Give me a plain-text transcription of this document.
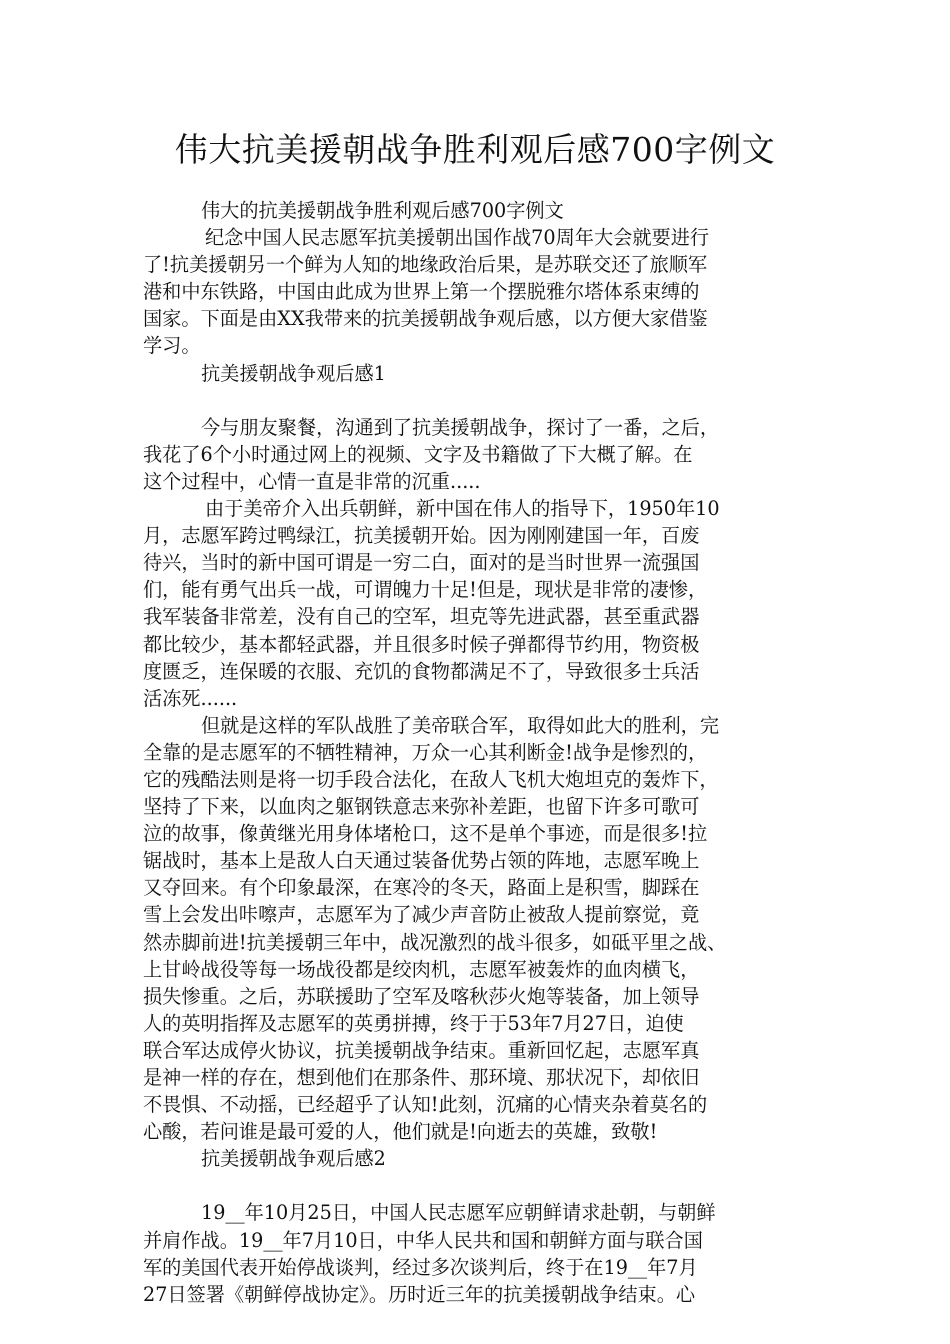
伟大抗美援朝战争胜利观后感700字例文
伟大的抗美援朝战争胜利观后感700字例文
纪念中国人民志愿军抗美援朝出国作战70周年大会就要进行
了!抗美援朝另一个鲜为人知的地缘政治后果，是苏联交还了旅顺军
港和中东铁路，中国由此成为世界上第一个摆脱雅尔塔体系束缚的
国家。下面是由XX我带来的抗美援朝战争观后感，以方便大家借鉴
学习。
抗美援朝战争观后感1
今与朋友聚餐，沟通到了抗美援朝战争，探讨了一番，之后，
我花了6个小时通过网上的视频、文字及书籍做了下大概了解。在
这个过程中，心情一直是非常的沉重.....
由于美帝介入出兵朝鲜，新中国在伟人的指导下，1950年10
月，志愿军跨过鸭绿江，抗美援朝开始。因为刚刚建国一年，百废
待兴，当时的新中国可谓是一穷二白，面对的是当时世界一流强国
们，能有勇气出兵一战，可谓魄力十足!但是，现状是非常的凄惨，
我军装备非常差，没有自己的空军，坦克等先进武器，甚至重武器
都比较少，基本都轻武器，并且很多时候子弹都得节约用，物资极
度匮乏，连保暖的衣服、充饥的食物都满足不了，导致很多士兵活
活冻死......
但就是这样的军队战胜了美帝联合军，取得如此大的胜利，完
全靠的是志愿军的不牺牲精神，万众一心其利断金!战争是惨烈的，
它的残酷法则是将一切手段合法化，在敌人飞机大炮坦克的轰炸下，
坚持了下来，以血肉之躯钢铁意志来弥补差距，也留下许多可歌可
泣的故事，像黄继光用身体堵枪口，这不是单个事迹，而是很多!拉
锯战时，基本上是敌人白天通过装备优势占领的阵地，志愿军晚上
又夺回来。有个印象最深，在寒冷的冬天，路面上是积雪，脚踩在
雪上会发出咔嚓声，志愿军为了减少声音防止被敌人提前察觉，竟
然赤脚前进!抗美援朝三年中，战况激烈的战斗很多，如砥平里之战、
上甘岭战役等每一场战役都是绞肉机，志愿军被轰炸的血肉横飞，
损失惨重。之后，苏联援助了空军及喀秋莎火炮等装备，加上领导
人的英明指挥及志愿军的英勇拼搏，终于于53年7月27日，迫使
联合军达成停火协议，抗美援朝战争结束。重新回忆起，志愿军真
是神一样的存在，想到他们在那条件、那环境、那状况下，却依旧
不畏惧、不动摇，已经超乎了认知!此刻，沉痛的心情夹杂着莫名的
心酸，若问谁是最可爱的人，他们就是!向逝去的英雄，致敬!
抗美援朝战争观后感2
19__年10月25日，中国人民志愿军应朝鲜请求赴朝，与朝鲜
并肩作战。19__年7月10日，中华人民共和国和朝鲜方面与联合国
军的美国代表开始停战谈判，经过多次谈判后，终于在19__年7月
27日签署《朝鲜停战协定》。历时近三年的抗美援朝战争结束。心
